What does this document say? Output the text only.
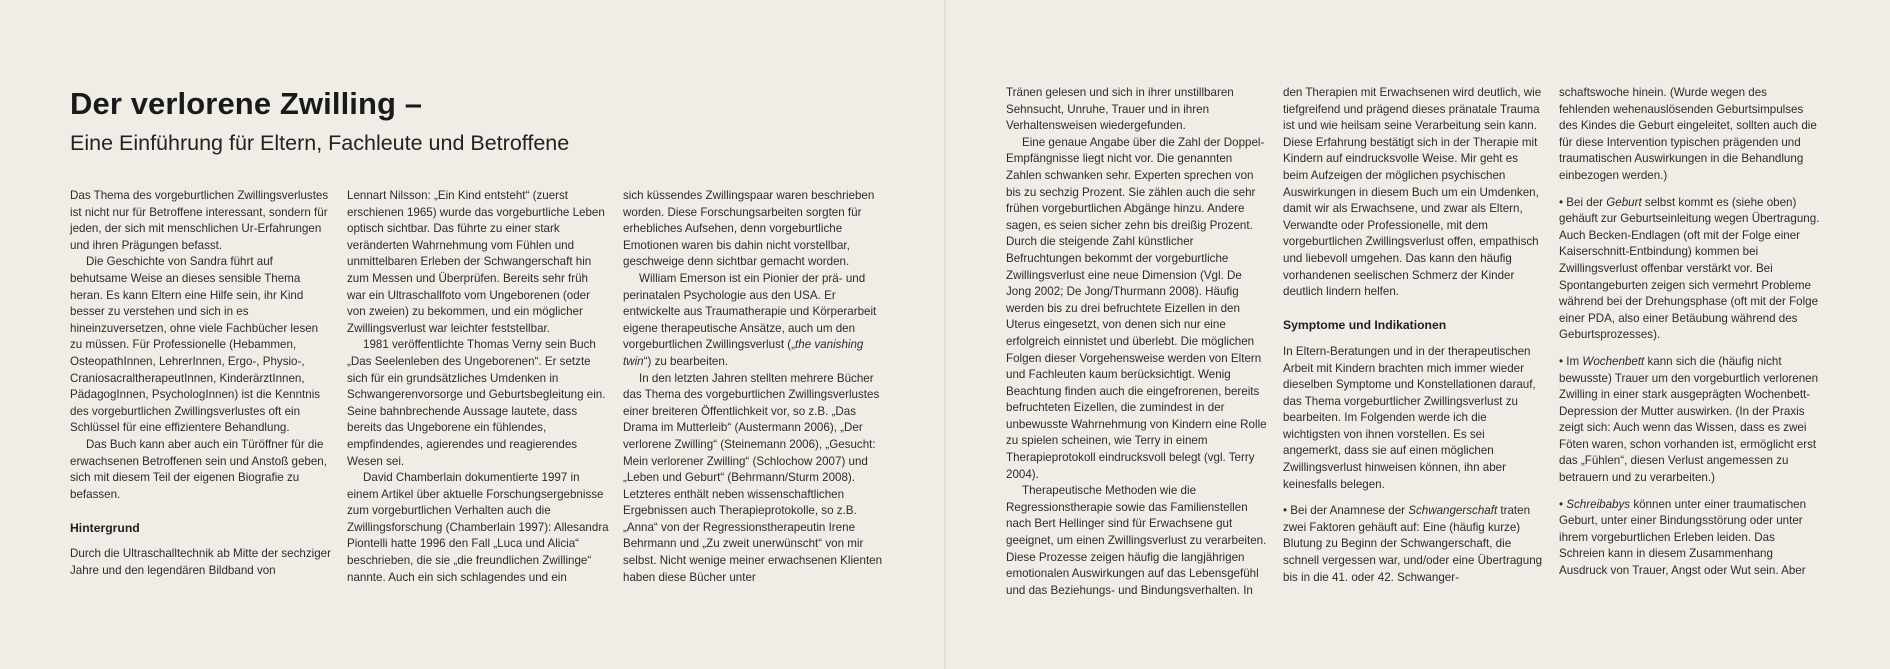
Der verlorene Zwilling –
Eine Einführung für Eltern, Fachleute und Betroffene

Das Thema des vorgeburtlichen Zwillingsverlustes ist nicht nur für Betroffene interessant, sondern für jeden, der sich mit menschlichen Ur-Erfahrungen und ihren Prägungen befasst.

Die Geschichte von Sandra führt auf behutsame Weise an dieses sensible Thema heran. Es kann Eltern eine Hilfe sein, ihr Kind besser zu verstehen und sich in es hineinzuversetzen, ohne viele Fachbücher lesen zu müssen. Für Professionelle (Hebammen, OsteopathInnen, LehrerInnen, Ergo-, Physio-, CraniosacraltherapeutInnen, KinderärztInnen, PädagogInnen, PsychologInnen) ist die Kenntnis des vorgeburtlichen Zwillingsverlustes oft ein Schlüssel für eine effizientere Behandlung.

Das Buch kann aber auch ein Türöffner für die erwachsenen Betroffenen sein und Anstoß geben, sich mit diesem Teil der eigenen Biografie zu befassen.

Hintergrund

Durch die Ultraschalltechnik ab Mitte der sechziger Jahre und den legendären Bildband von

Lennart Nilsson: „Ein Kind entsteht“ (zuerst erschienen 1965) wurde das vorgeburtliche Leben optisch sichtbar. Das führte zu einer stark veränderten Wahrnehmung vom Fühlen und unmittelbaren Erleben der Schwangerschaft hin zum Messen und Überprüfen. Bereits sehr früh war ein Ultraschallfoto vom Ungeborenen (oder von zweien) zu bekommen, und ein möglicher Zwillingsverlust war leichter feststellbar.

1981 veröffentlichte Thomas Verny sein Buch „Das Seelenleben des Ungeborenen“. Er setzte sich für ein grundsätzliches Umdenken in Schwangerenvorsorge und Geburtsbegleitung ein. Seine bahnbrechende Aussage lautete, dass bereits das Ungeborene ein fühlendes, empfindendes, agierendes und reagierendes Wesen sei.

David Chamberlain dokumentierte 1997 in einem Artikel über aktuelle Forschungsergebnisse zum vorgeburtlichen Verhalten auch die Zwillingsforschung (Chamberlain 1997): Allesandra Piontelli hatte 1996 den Fall „Luca und Alicia“ beschrieben, die sie „die freundlichen Zwillinge“ nannte. Auch ein sich schlagendes und ein

sich küssendes Zwillingspaar waren beschrieben worden. Diese Forschungsarbeiten sorgten für erhebliches Aufsehen, denn vorgeburtliche Emotionen waren bis dahin nicht vorstellbar, geschweige denn sichtbar gemacht worden.

William Emerson ist ein Pionier der prä- und perinatalen Psychologie aus den USA. Er entwickelte aus Traumatherapie und Körperarbeit eigene therapeutische Ansätze, auch um den vorgeburtlichen Zwillingsverlust („the vanishing twin“) zu bearbeiten.

In den letzten Jahren stellten mehrere Bücher das Thema des vorgeburtlichen Zwillingsverlustes einer breiteren Öffentlichkeit vor, so z.B. „Das Drama im Mutterleib“ (Austermann 2006), „Der verlorene Zwilling“ (Steinemann 2006), „Gesucht: Mein verlorener Zwilling“ (Schlochow 2007) und „Leben und Geburt“ (Behrmann/Sturm 2008). Letzteres enthält neben wissenschaftlichen Ergebnissen auch Therapieprotokolle, so z.B. „Anna“ von der Regressionstherapeutin Irene Behrmann und „Zu zweit unerwünscht“ von mir selbst. Nicht wenige meiner erwachsenen Klienten haben diese Bücher unter

Tränen gelesen und sich in ihrer unstillbaren Sehnsucht, Unruhe, Trauer und in ihren Verhaltensweisen wiedergefunden.

Eine genaue Angabe über die Zahl der Doppel-Empfängnisse liegt nicht vor. Die genannten Zahlen schwanken sehr. Experten sprechen von bis zu sechzig Prozent. Sie zählen auch die sehr frühen vorgeburtlichen Abgänge hinzu. Andere sagen, es seien sicher zehn bis dreißig Prozent. Durch die steigende Zahl künstlicher Befruchtungen bekommt der vorgeburtliche Zwillingsverlust eine neue Dimension (Vgl. De Jong 2002; De Jong/Thurmann 2008). Häufig werden bis zu drei befruchtete Eizellen in den Uterus eingesetzt, von denen sich nur eine erfolgreich einnistet und überlebt. Die möglichen Folgen dieser Vorgehensweise werden von Eltern und Fachleuten kaum berücksichtigt. Wenig Beachtung finden auch die eingefrorenen, bereits befruchteten Eizellen, die zumindest in der unbewusste Wahrnehmung von Kindern eine Rolle zu spielen scheinen, wie Terry in einem Therapieprotokoll eindrucksvoll belegt (vgl. Terry 2004).

Therapeutische Methoden wie die Regressionstherapie sowie das Familienstellen nach Bert Hellinger sind für Erwachsene gut geeignet, um einen Zwillingsverlust zu verarbeiten. Diese Prozesse zeigen häufig die langjährigen emotionalen Auswirkungen auf das Lebensgefühl und das Beziehungs- und Bindungsverhalten. In

den Therapien mit Erwachsenen wird deutlich, wie tiefgreifend und prägend dieses pränatale Trauma ist und wie heilsam seine Verarbeitung sein kann. Diese Erfahrung bestätigt sich in der Therapie mit Kindern auf eindrucksvolle Weise. Mir geht es beim Aufzeigen der möglichen psychischen Auswirkungen in diesem Buch um ein Umdenken, damit wir als Erwachsene, und zwar als Eltern, Verwandte oder Professionelle, mit dem vorgeburtlichen Zwillingsverlust offen, empathisch und liebevoll umgehen. Das kann den häufig vorhandenen seelischen Schmerz der Kinder deutlich lindern helfen.

Symptome und Indikationen

In Eltern-Beratungen und in der therapeutischen Arbeit mit Kindern brachten mich immer wieder dieselben Symptome und Konstellationen darauf, das Thema vorgeburtlicher Zwillingsverlust zu bearbeiten. Im Folgenden werde ich die wichtigsten von ihnen vorstellen. Es sei angemerkt, dass sie auf einen möglichen Zwillingsverlust hinweisen können, ihn aber keinesfalls belegen.

• Bei der Anamnese der Schwangerschaft traten zwei Faktoren gehäuft auf: Eine (häufig kurze) Blutung zu Beginn der Schwangerschaft, die schnell vergessen war, und/oder eine Übertragung bis in die 41. oder 42. Schwanger-

schaftswoche hinein. (Wurde wegen des fehlenden wehenauslösenden Geburtsimpulses des Kindes die Geburt eingeleitet, sollten auch die für diese Intervention typischen prägenden und traumatischen Auswirkungen in die Behandlung einbezogen werden.)

• Bei der Geburt selbst kommt es (siehe oben) gehäuft zur Geburtseinleitung wegen Übertragung. Auch Becken-Endlagen (oft mit der Folge einer Kaiserschnitt-Entbindung) kommen bei Zwillingsverlust offenbar verstärkt vor. Bei Spontangeburten zeigen sich vermehrt Probleme während bei der Drehungsphase (oft mit der Folge einer PDA, also einer Betäubung während des Geburtsprozesses).

• Im Wochenbett kann sich die (häufig nicht bewusste) Trauer um den vorgeburtlich verlorenen Zwilling in einer stark ausgeprägten Wochenbett-Depression der Mutter auswirken. (In der Praxis zeigt sich: Auch wenn das Wissen, dass es zwei Föten waren, schon vorhanden ist, ermöglicht erst das „Fühlen“, diesen Verlust angemessen zu betrauern und zu verarbeiten.)

• Schreibabys können unter einer traumatischen Geburt, unter einer Bindungsstörung oder unter ihrem vorgeburtlichen Erleben leiden. Das Schreien kann in diesem Zusammenhang Ausdruck von Trauer, Angst oder Wut sein. Aber
